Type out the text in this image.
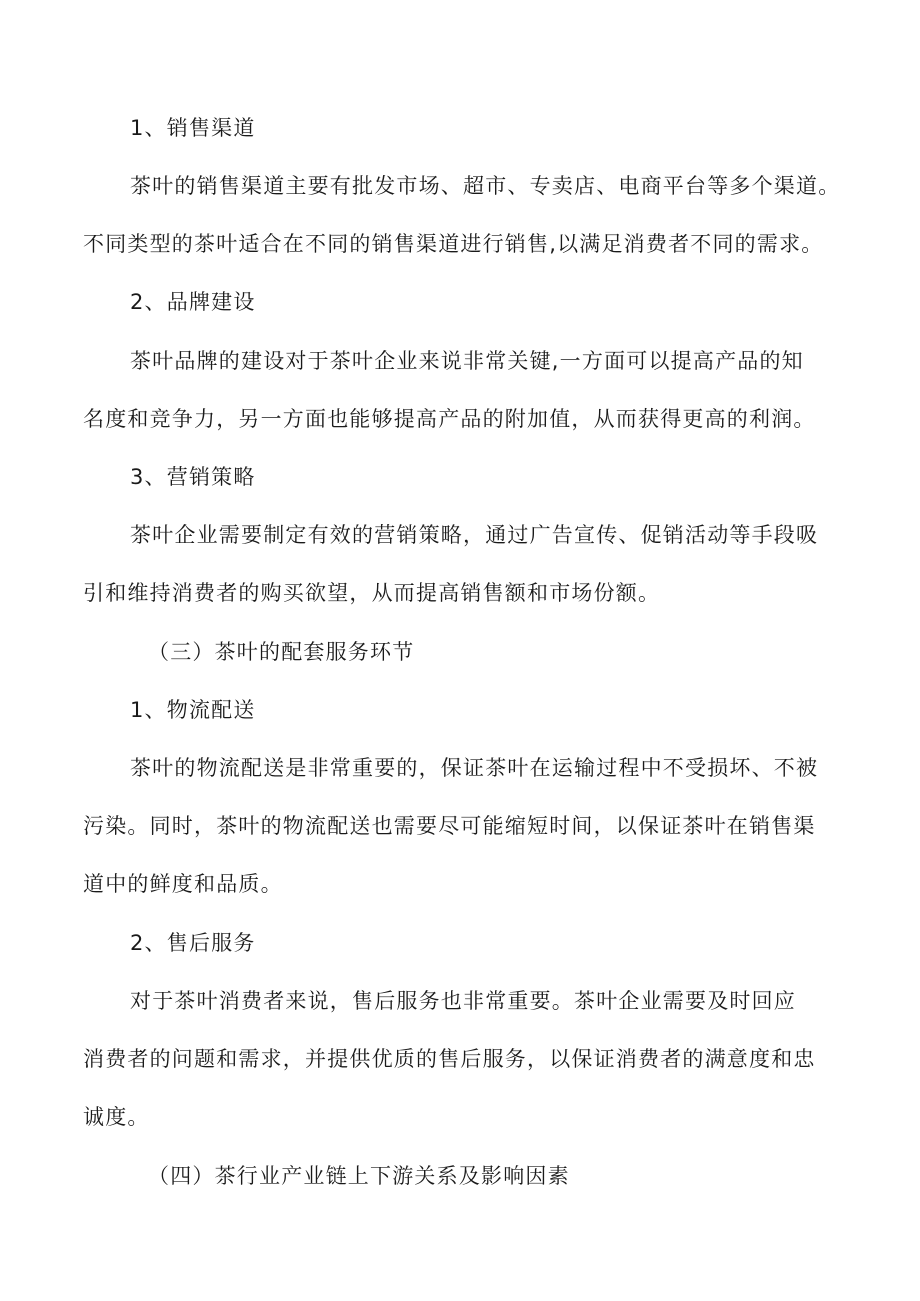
1、销售渠道
茶叶的销售渠道主要有批发市场、超市、专卖店、电商平台等多个渠道。
不同类型的茶叶适合在不同的销售渠道进行销售,以满足消费者不同的需求。
2、品牌建设
茶叶品牌的建设对于茶叶企业来说非常关键,一方面可以提高产品的知
名度和竞争力，另一方面也能够提高产品的附加值，从而获得更高的利润。
3、营销策略
茶叶企业需要制定有效的营销策略，通过广告宣传、促销活动等手段吸
引和维持消费者的购买欲望，从而提高销售额和市场份额。
（三）茶叶的配套服务环节
1、物流配送
茶叶的物流配送是非常重要的，保证茶叶在运输过程中不受损坏、不被
污染。同时，茶叶的物流配送也需要尽可能缩短时间，以保证茶叶在销售渠
道中的鲜度和品质。
2、售后服务
对于茶叶消费者来说，售后服务也非常重要。茶叶企业需要及时回应
消费者的问题和需求，并提供优质的售后服务，以保证消费者的满意度和忠
诚度。
（四）茶行业产业链上下游关系及影响因素
